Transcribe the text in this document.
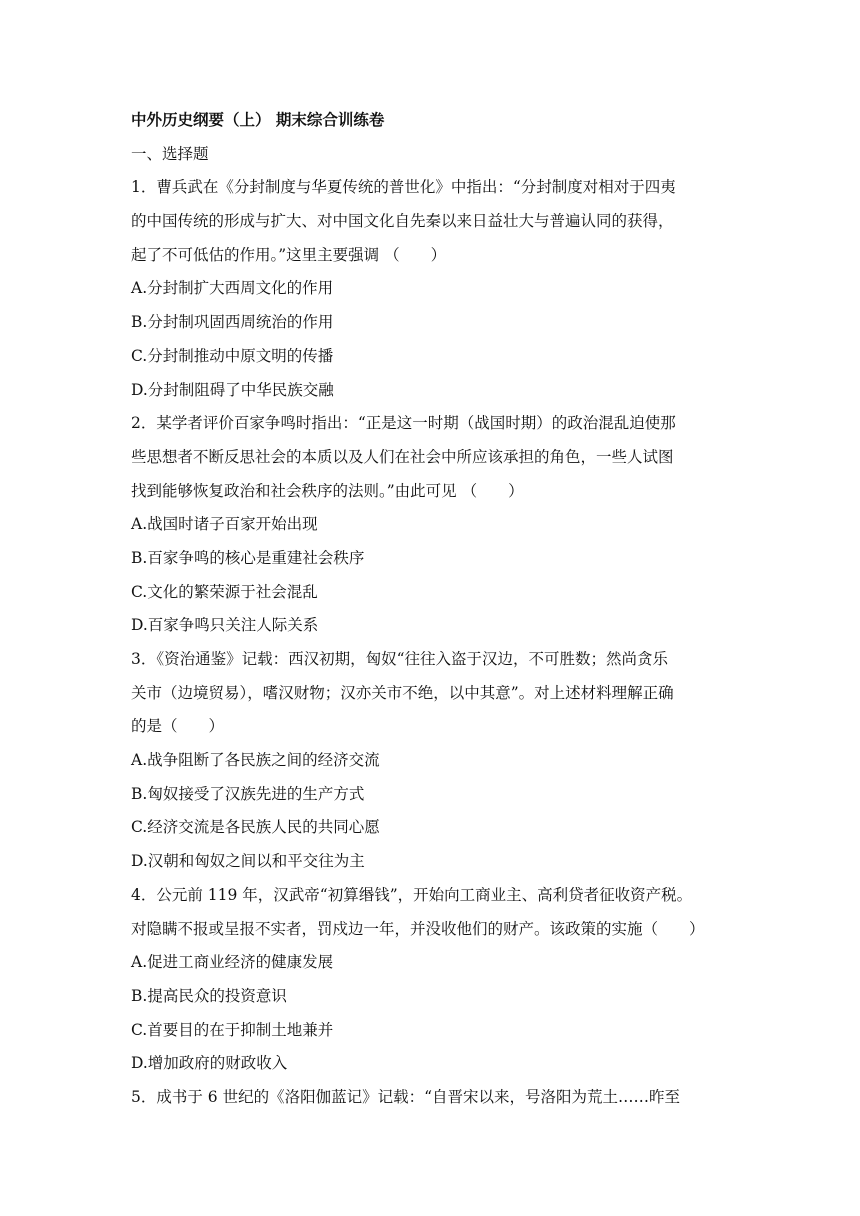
中外历史纲要（上） 期末综合训练卷
一、选择题
1．曹兵武在《分封制度与华夏传统的普世化》中指出：“分封制度对相对于四夷
的中国传统的形成与扩大、对中国文化自先秦以来日益壮大与普遍认同的获得，
起了不可低估的作用。”这里主要强调 （　　）
A.分封制扩大西周文化的作用
B.分封制巩固西周统治的作用
C.分封制推动中原文明的传播
D.分封制阻碍了中华民族交融
2．某学者评价百家争鸣时指出：“正是这一时期（战国时期）的政治混乱迫使那
些思想者不断反思社会的本质以及人们在社会中所应该承担的角色，一些人试图
找到能够恢复政治和社会秩序的法则。”由此可见 （　　）
A.战国时诸子百家开始出现
B.百家争鸣的核心是重建社会秩序
C.文化的繁荣源于社会混乱
D.百家争鸣只关注人际关系
3．《资治通鉴》记载：西汉初期，匈奴“往往入盗于汉边，不可胜数；然尚贪乐
关市（边境贸易），嗜汉财物；汉亦关市不绝，以中其意”。对上述材料理解正确
的是（　　）
A.战争阻断了各民族之间的经济交流
B.匈奴接受了汉族先进的生产方式
C.经济交流是各民族人民的共同心愿
D.汉朝和匈奴之间以和平交往为主
4．公元前 119 年，汉武帝“初算缗钱”，开始向工商业主、高利贷者征收资产税。
对隐瞒不报或呈报不实者，罚戍边一年，并没收他们的财产。该政策的实施（　　）
A.促进工商业经济的健康发展
B.提高民众的投资意识
C.首要目的在于抑制土地兼并
D.增加政府的财政收入
5．成书于 6 世纪的《洛阳伽蓝记》记载：“自晋宋以来，号洛阳为荒土……昨至
